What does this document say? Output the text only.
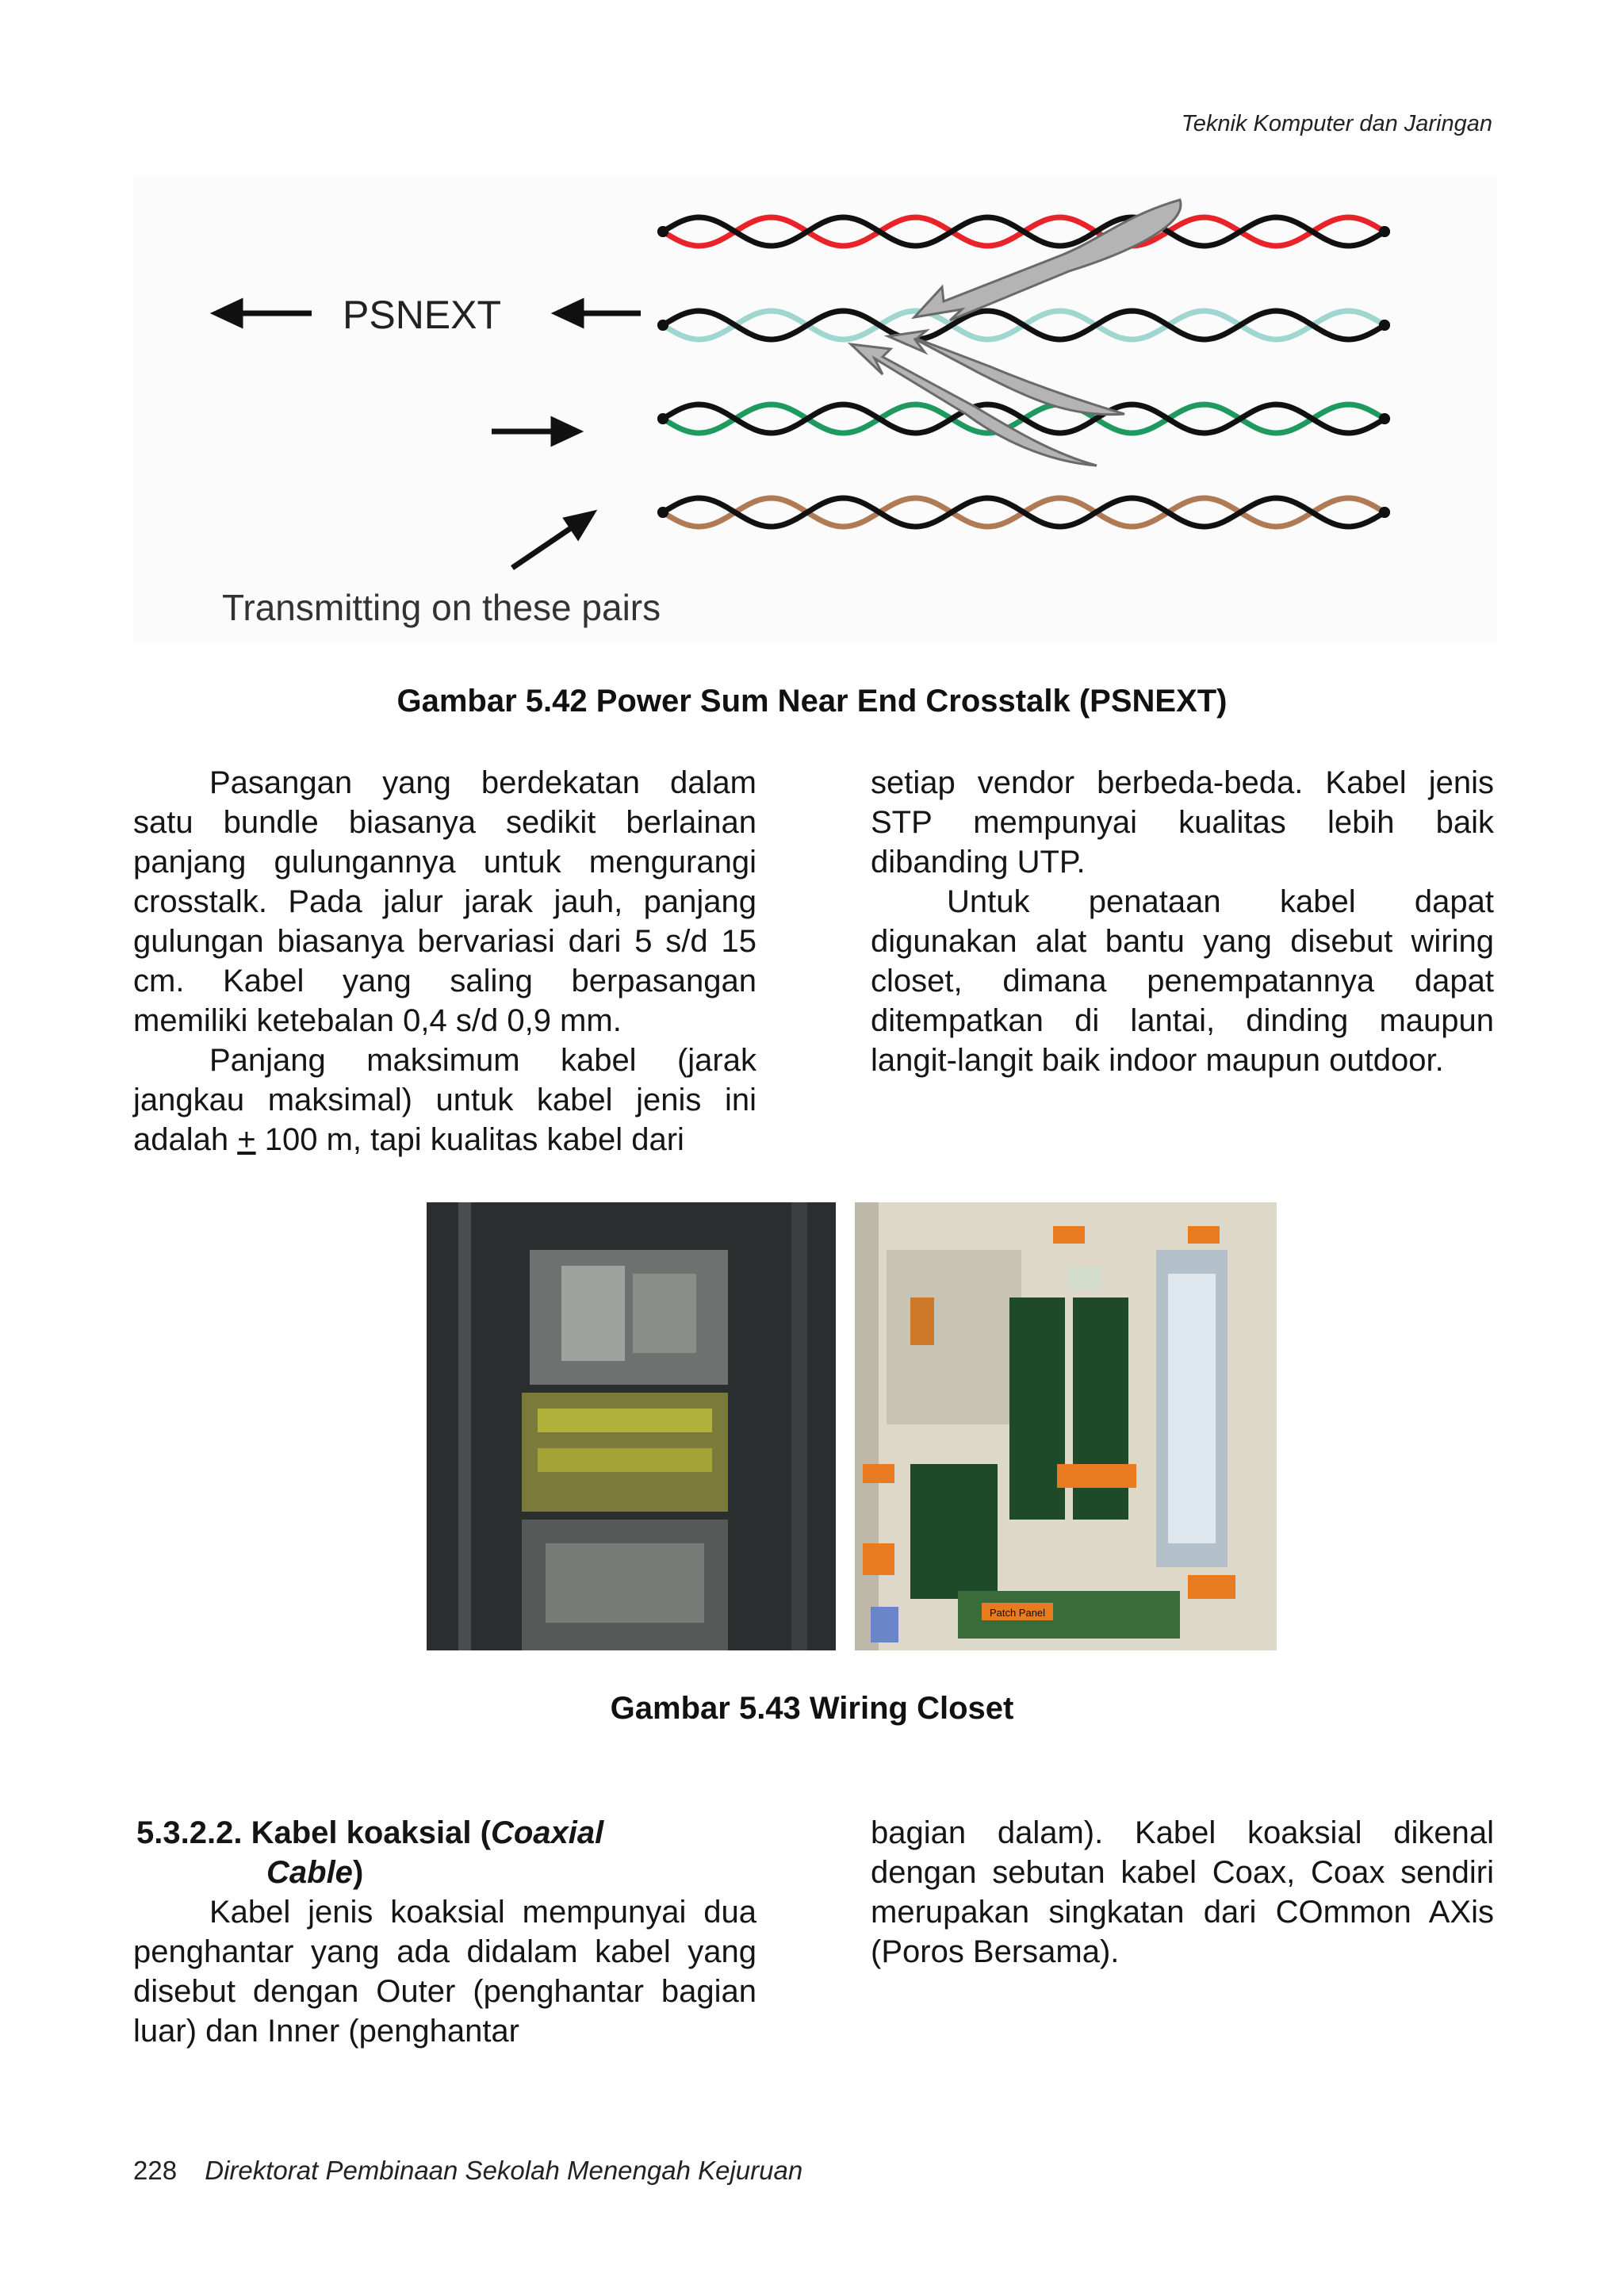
Teknik Komputer dan Jaringan
PSNEXT
Transmitting on these pairs
Gambar 5.42 Power Sum Near End Crosstalk (PSNEXT)

Pasangan yang berdekatan dalam satu bundle biasanya sedikit berlainan panjang gulungannya untuk mengurangi crosstalk. Pada jalur jarak jauh, panjang gulungan biasanya bervariasi dari 5 s/d 15 cm. Kabel yang saling berpasangan memiliki ketebalan 0,4 s/d 0,9 mm.

Panjang maksimum kabel (jarak jangkau maksimal) untuk kabel jenis ini adalah + 100 m, tapi kualitas kabel dari

setiap vendor berbeda-beda. Kabel jenis STP mempunyai kualitas lebih baik dibanding UTP.

Untuk penataan kabel dapat digunakan alat bantu yang disebut wiring closet, dimana penempatannya dapat ditempatkan di lantai, dinding maupun langit-langit baik indoor maupun outdoor.

Patch Panel
Gambar 5.43 Wiring Closet
5.3.2.2. Kabel koaksial (Coaxial
Cable)

Kabel jenis koaksial mempunyai dua penghantar yang ada didalam kabel yang disebut dengan Outer (penghantar bagian luar) dan Inner (penghantar

bagian dalam). Kabel koaksial dikenal dengan sebutan kabel Coax, Coax sendiri merupakan singkatan dari COmmon AXis (Poros Bersama).

228 Direktorat Pembinaan Sekolah Menengah Kejuruan
